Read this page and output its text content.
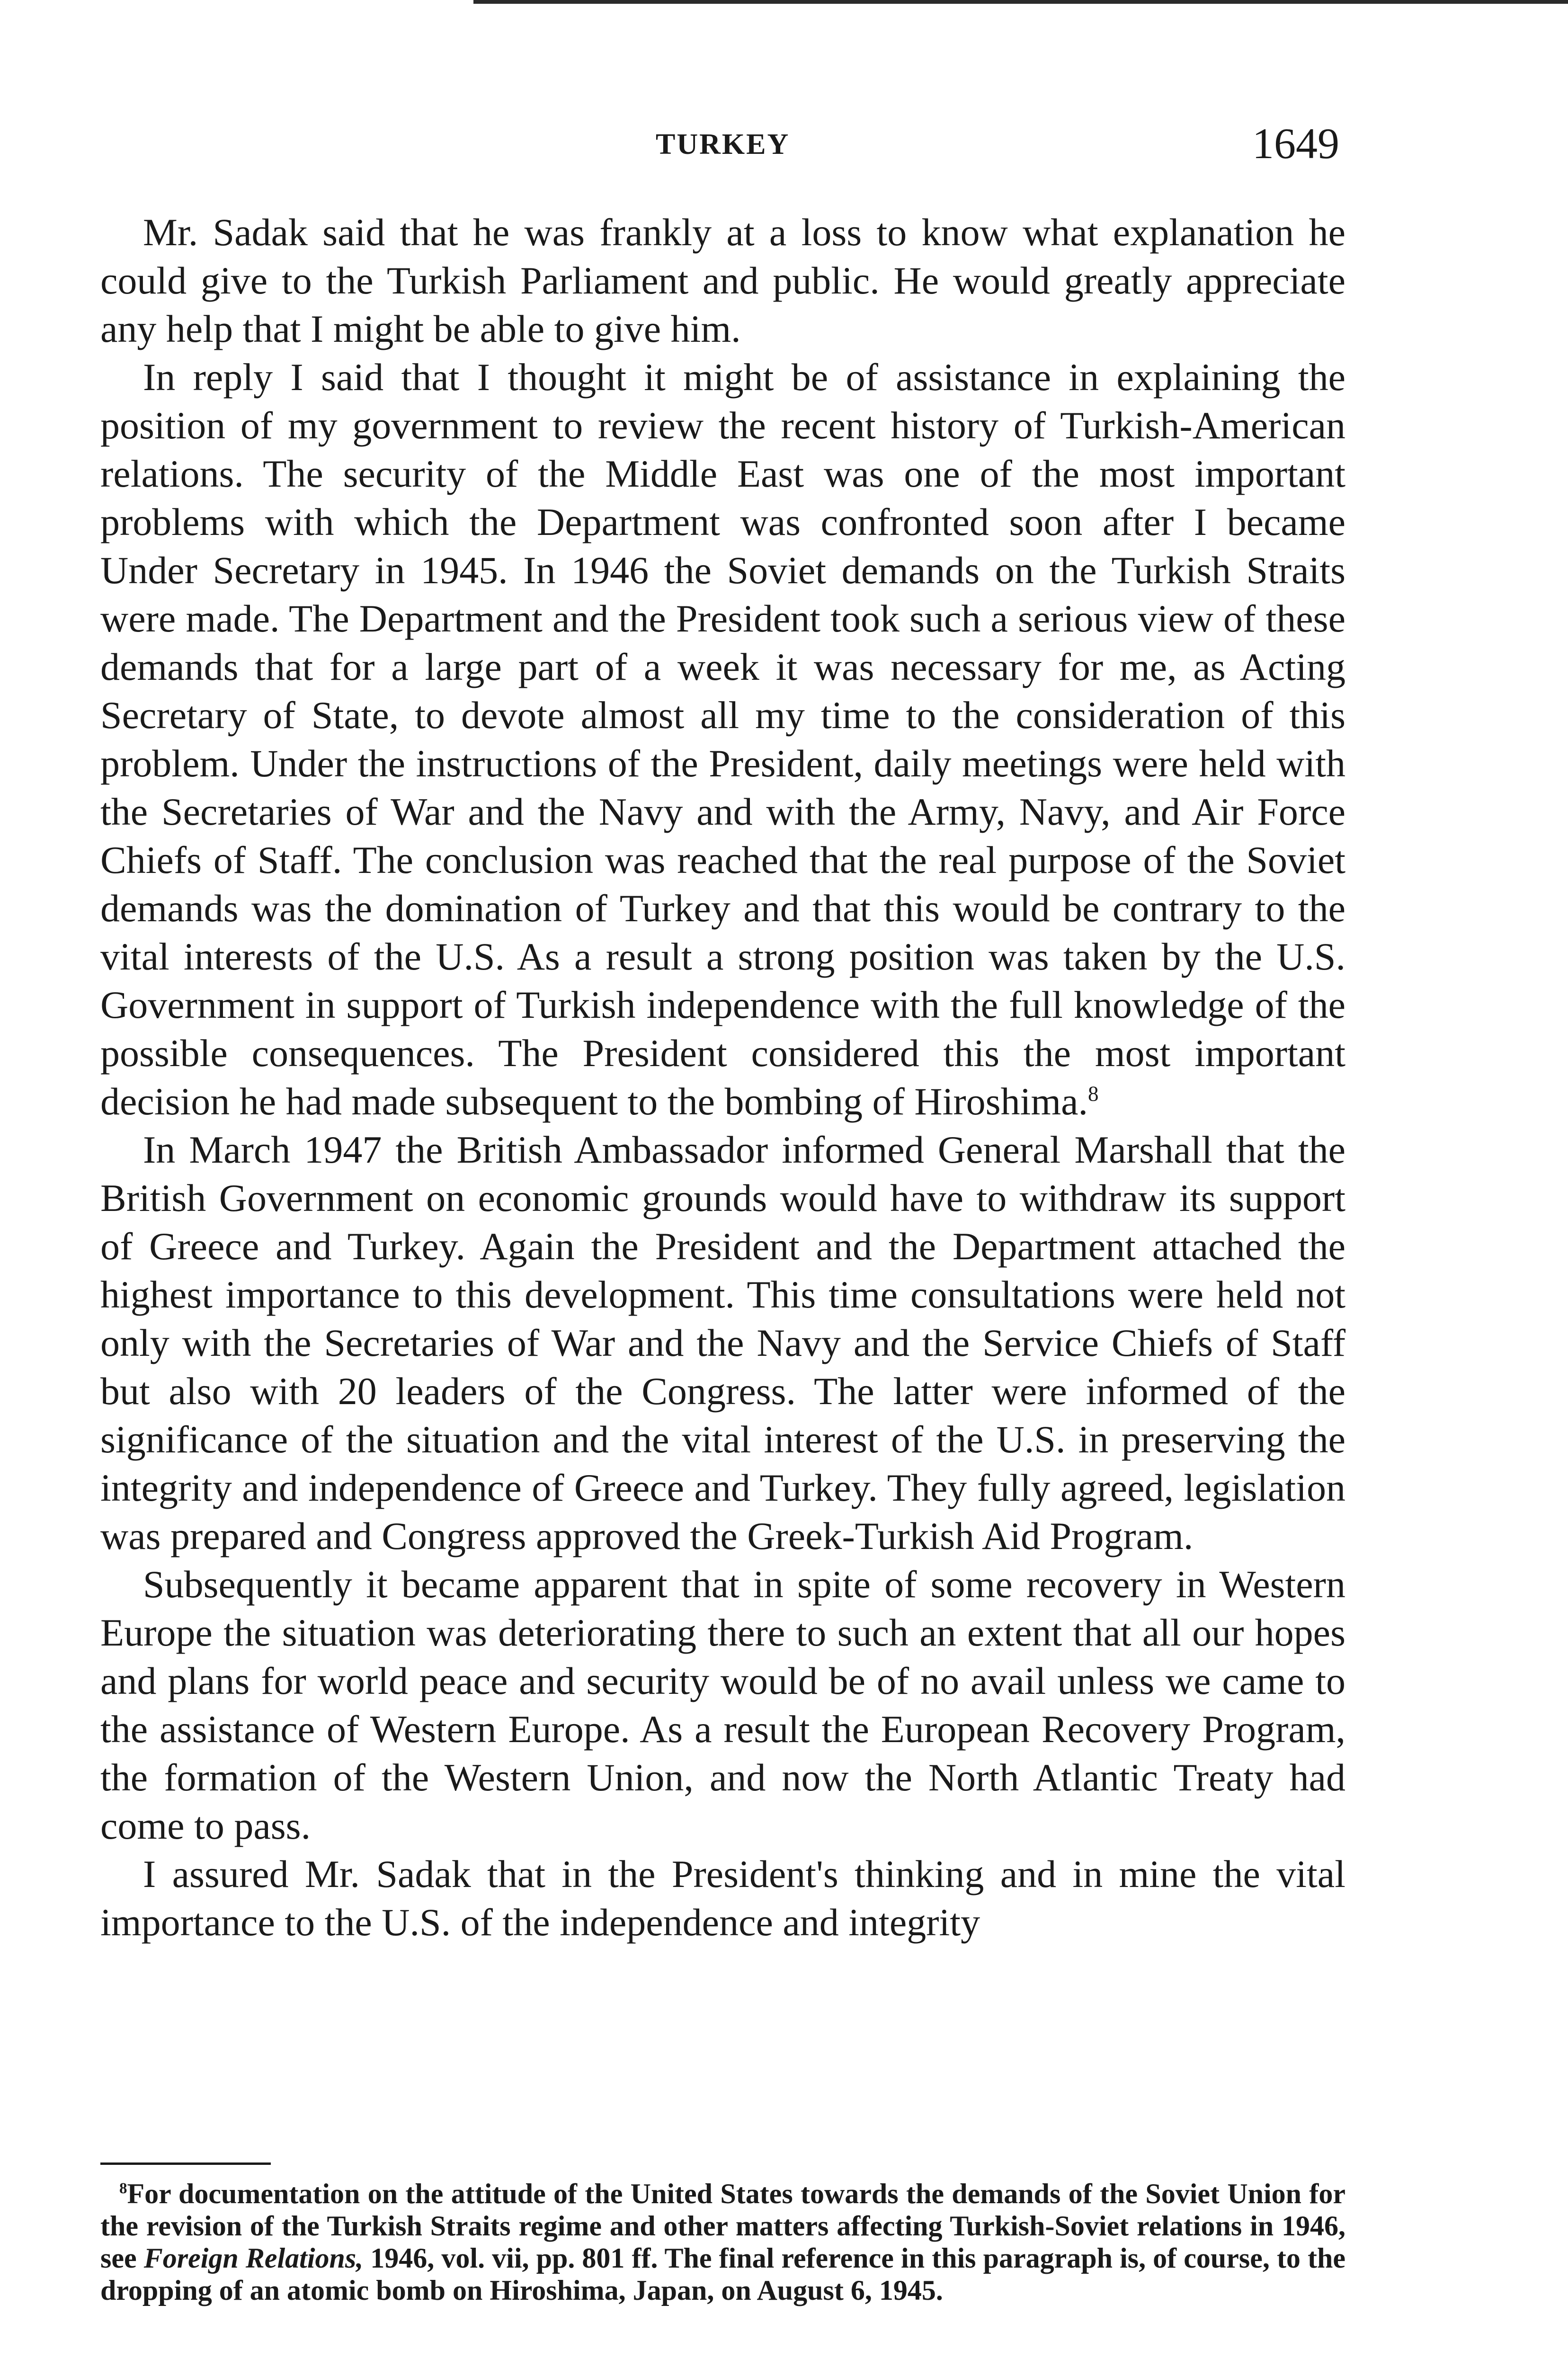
TURKEY	1649

Mr. Sadak said that he was frankly at a loss to know what explanation he could give to the Turkish Parliament and public. He would greatly appreciate any help that I might be able to give him.

In reply I said that I thought it might be of assistance in explaining the position of my government to review the recent history of Turkish-American relations. The security of the Middle East was one of the most important problems with which the Department was confronted soon after I became Under Secretary in 1945. In 1946 the Soviet demands on the Turkish Straits were made. The Department and the President took such a serious view of these demands that for a large part of a week it was necessary for me, as Acting Secretary of State, to devote almost all my time to the consideration of this problem. Under the instructions of the President, daily meetings were held with the Secretaries of War and the Navy and with the Army, Navy, and Air Force Chiefs of Staff. The conclusion was reached that the real purpose of the Soviet demands was the domination of Turkey and that this would be contrary to the vital interests of the U.S. As a result a strong position was taken by the U.S. Government in support of Turkish independence with the full knowledge of the possible consequences. The President considered this the most important decision he had made subsequent to the bombing of Hiroshima.$^8$

In March 1947 the British Ambassador informed General Marshall that the British Government on economic grounds would have to withdraw its support of Greece and Turkey. Again the President and the Department attached the highest importance to this development. This time consultations were held not only with the Secretaries of War and the Navy and the Service Chiefs of Staff but also with 20 leaders of the Congress. The latter were informed of the significance of the situation and the vital interest of the U.S. in preserving the integrity and independence of Greece and Turkey. They fully agreed, legislation was prepared and Congress approved the Greek-Turkish Aid Program.

Subsequently it became apparent that in spite of some recovery in Western Europe the situation was deteriorating there to such an extent that all our hopes and plans for world peace and security would be of no avail unless we came to the assistance of Western Europe. As a result the European Recovery Program, the formation of the Western Union, and now the North Atlantic Treaty had come to pass.

I assured Mr. Sadak that in the President's thinking and in mine the vital importance to the U.S. of the independence and integrity

$^8$For documentation on the attitude of the United States towards the demands of the Soviet Union for the revision of the Turkish Straits regime and other matters affecting Turkish-Soviet relations in 1946, see Foreign Relations, 1946, vol. vii, pp. 801 ff. The final reference in this paragraph is, of course, to the dropping of an atomic bomb on Hiroshima, Japan, on August 6, 1945.
